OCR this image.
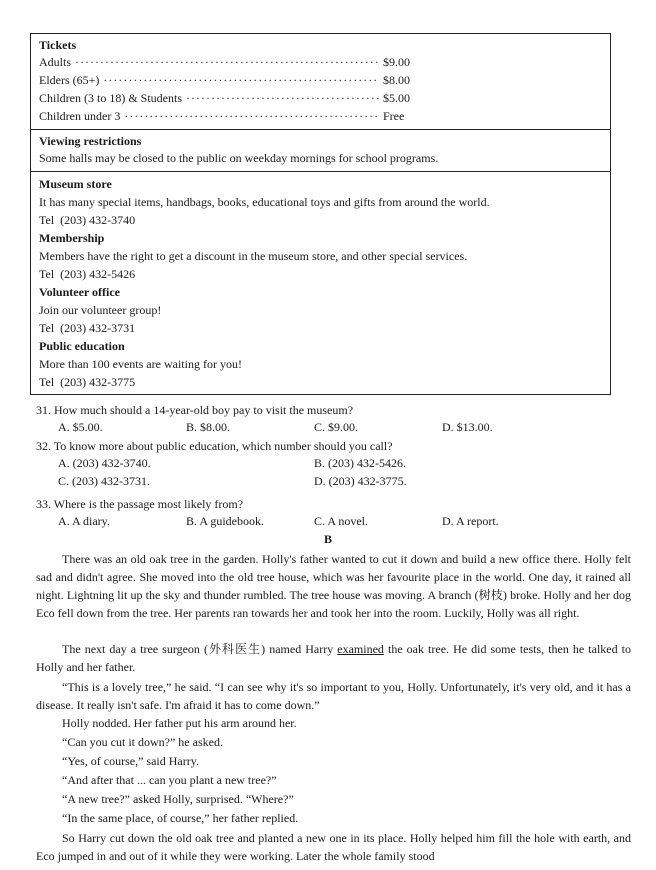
Tickets
Adults ·····	$9.00
Elders (65+) ·····	$8.00
Children (3 to 18) & Students ·····	$5.00
Children under 3 ·····	Free
Viewing restrictions
Some halls may be closed to the public on weekday mornings for school programs.
Museum store
It has many special items, handbags, books, educational toys and gifts from around the world.
Tel  (203) 432-3740
Membership
Members have the right to get a discount in the museum store, and other special services.
Tel  (203) 432-5426
Volunteer office
Join our volunteer group!
Tel  (203) 432-3731
Public education
More than 100 events are waiting for you!
Tel  (203) 432-3775
31. How much should a 14-year-old boy pay to visit the museum?
A. $5.00.	B. $8.00.	C. $9.00.	D. $13.00.
32. To know more about public education, which number should you call?
A. (203) 432-3740.	B. (203) 432-5426.
C. (203) 432-3731.	D. (203) 432-3775.
33. Where is the passage most likely from?
A. A diary.	B. A guidebook.	C. A novel.	D. A report.
B
There was an old oak tree in the garden. Holly's father wanted to cut it down and build a new office there. Holly felt sad and didn't agree. She moved into the old tree house, which was her favourite place in the world. One day, it rained all night. Lightning lit up the sky and thunder rumbled. The tree house was moving. A branch (树枝) broke. Holly and her dog Eco fell down from the tree. Her parents ran towards her and took her into the room. Luckily, Holly was all right.
The next day a tree surgeon (外科医生) named Harry examined the oak tree. He did some tests, then he talked to Holly and her father.
“This is a lovely tree,” he said. “I can see why it's so important to you, Holly. Unfortunately, it's very old, and it has a disease. It really isn't safe. I'm afraid it has to come down.”
Holly nodded. Her father put his arm around her.
“Can you cut it down?” he asked.
“Yes, of course,” said Harry.
“And after that ... can you plant a new tree?”
“A new tree?” asked Holly, surprised. “Where?”
“In the same place, of course,” her father replied.
So Harry cut down the old oak tree and planted a new one in its place. Holly helped him fill the hole with earth, and Eco jumped in and out of it while they were working. Later the whole family stood
